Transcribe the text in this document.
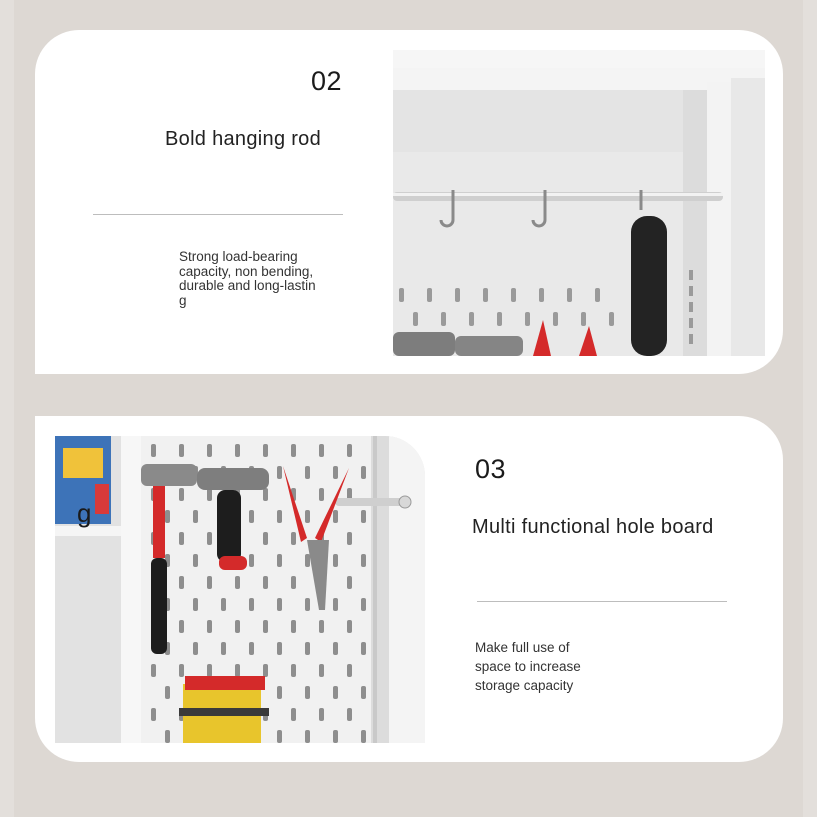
02
Bold hanging rod
Strong load-bearing
capacity, non bending,
durable and long-lastin
g
g
03
Multi functional hole board
Make full use of
space to increase
storage capacity
